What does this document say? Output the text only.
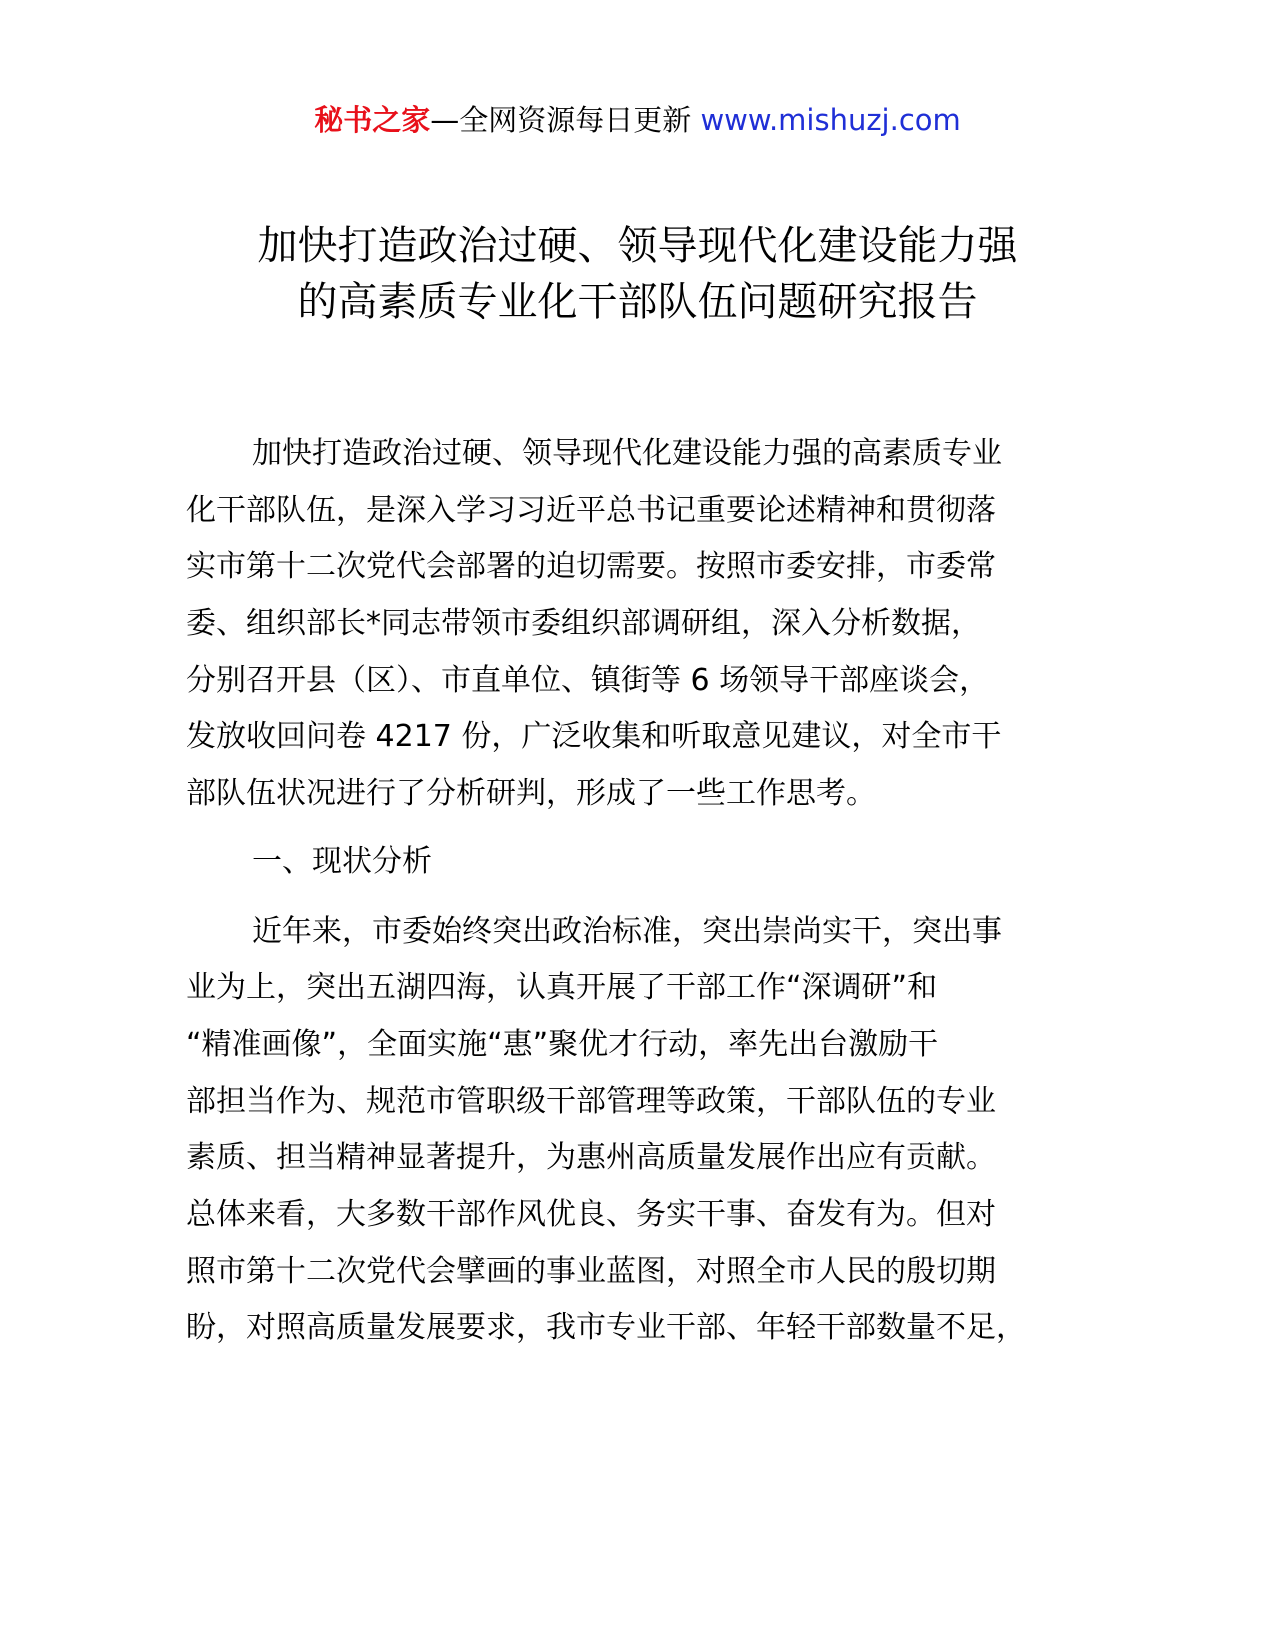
秘书之家—全网资源每日更新 www.mishuzj.com
加快打造政治过硬、领导现代化建设能力强
的高素质专业化干部队伍问题研究报告
加快打造政治过硬、领导现代化建设能力强的高素质专业
化干部队伍，是深入学习习近平总书记重要论述精神和贯彻落
实市第十二次党代会部署的迫切需要。按照市委安排，市委常
委、组织部长*同志带领市委组织部调研组，深入分析数据，
分别召开县（区）、市直单位、镇街等 6 场领导干部座谈会，
发放收回问卷 4217 份，广泛收集和听取意见建议，对全市干
部队伍状况进行了分析研判，形成了一些工作思考。
一、现状分析
近年来，市委始终突出政治标准，突出崇尚实干，突出事
业为上，突出五湖四海，认真开展了干部工作“深调研”和
“精准画像”，全面实施“惠”聚优才行动，率先出台激励干
部担当作为、规范市管职级干部管理等政策，干部队伍的专业
素质、担当精神显著提升，为惠州高质量发展作出应有贡献。
总体来看，大多数干部作风优良、务实干事、奋发有为。但对
照市第十二次党代会擘画的事业蓝图，对照全市人民的殷切期
盼，对照高质量发展要求，我市专业干部、年轻干部数量不足，
